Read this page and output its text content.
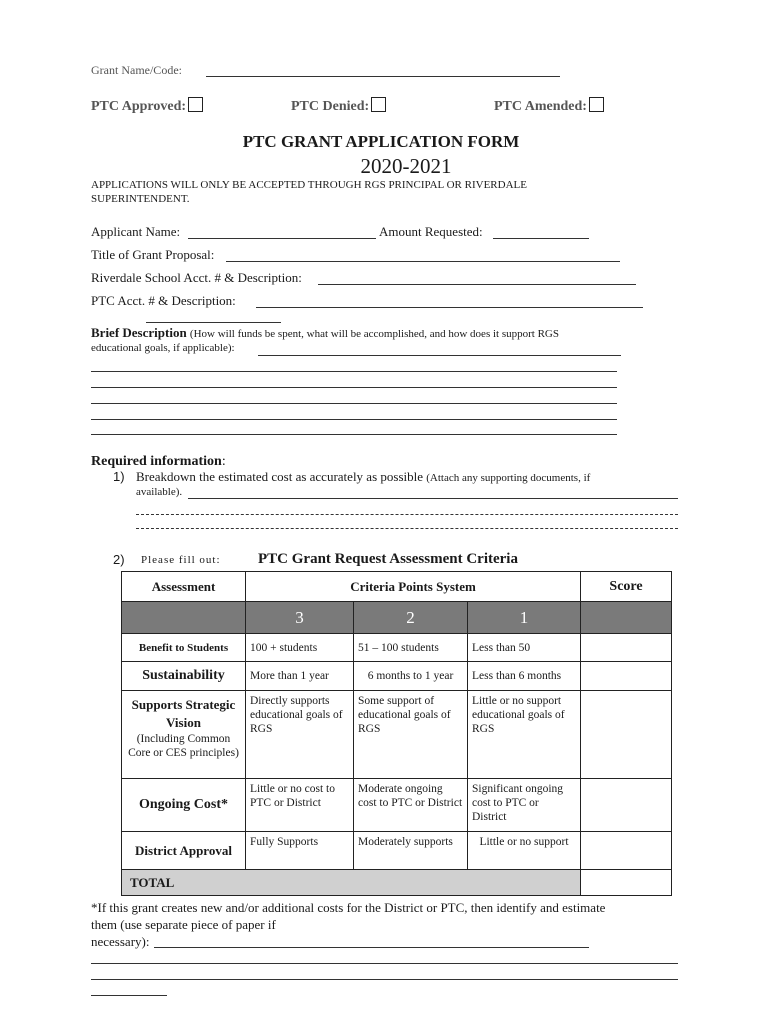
Grant Name/Code:
PTC Approved:	PTC Denied:	PTC Amended:
PTC GRANT APPLICATION FORM
2020-2021
APPLICATIONS WILL ONLY BE ACCEPTED THROUGH RGS PRINCIPAL OR RIVERDALE
SUPERINTENDENT.
Applicant Name:	Amount Requested:
Title of Grant Proposal:
Riverdale School Acct. # & Description:
PTC Acct. # & Description:
Brief Description (How will funds be spent, what will be accomplished, and how does it support RGS
educational goals, if applicable):
Required information:
1) Breakdown the estimated cost as accurately as possible (Attach any supporting documents, if
available).
2) Please fill out: PTC Grant Request Assessment Criteria
Assessment	Criteria Points System			Score
	3	2	1	
Benefit to Students	100 + students	51 – 100 students	Less than 50	
Sustainability	More than 1 year	6 months to 1 year	Less than 6 months	

Supports Strategic Vision
(Including Common Core or CES principles)	Directly supports educational goals of RGS	Some support of educational goals of RGS	Little or no support educational goals of RGS	
Ongoing Cost*	Little or no cost to PTC or District	Moderate ongoing cost to PTC or District	Significant ongoing cost to PTC or District	
District Approval	Fully Supports	Moderately supports	Little or no support	
TOTAL				
*If this grant creates new and/or additional costs for the District or PTC, then identify and estimate
them (use separate piece of paper if
necessary):
